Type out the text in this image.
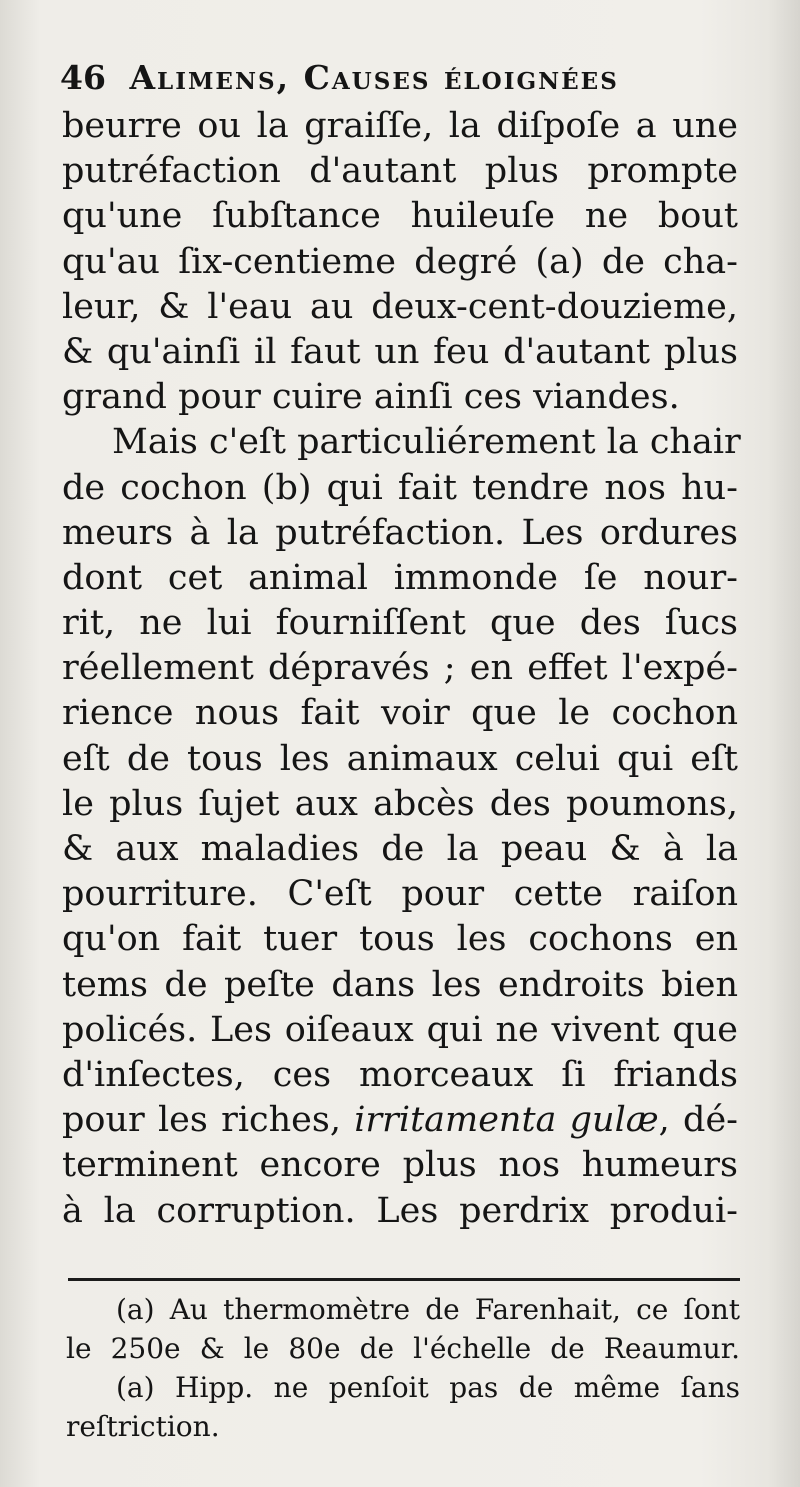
46 Alimens, Causes éloignées
beurre ou la graiſſe, la diſpoſe a une
putréfaction d'autant plus prompte
qu'une ſubſtance huileuſe ne bout
qu'au ſix-centieme degré (a) de cha-
leur, & l'eau au deux-cent-douzieme,
& qu'ainſi il faut un feu d'autant plus
grand pour cuire ainſi ces viandes.
Mais c'eſt particuliérement la chair
de cochon (b) qui fait tendre nos hu-
meurs à la putréfaction. Les ordures
dont cet animal immonde ſe nour-
rit, ne lui fourniſſent que des ſucs
réellement dépravés ; en effet l'expé-
rience nous fait voir que le cochon
eſt de tous les animaux celui qui eſt
le plus ſujet aux abcès des poumons,
& aux maladies de la peau & à la
pourriture. C'eſt pour cette raiſon
qu'on fait tuer tous les cochons en
tems de peſte dans les endroits bien
policés. Les oiſeaux qui ne vivent que
d'inſectes, ces morceaux ſi friands
pour les riches, irritamenta gulæ, dé-
terminent encore plus nos humeurs
à la corruption. Les perdrix produi-
(a) Au thermomètre de Farenhait, ce ſont
le 250e & le 80e de l'échelle de Reaumur.
(a) Hipp. ne penſoit pas de même ſans
reſtriction.
